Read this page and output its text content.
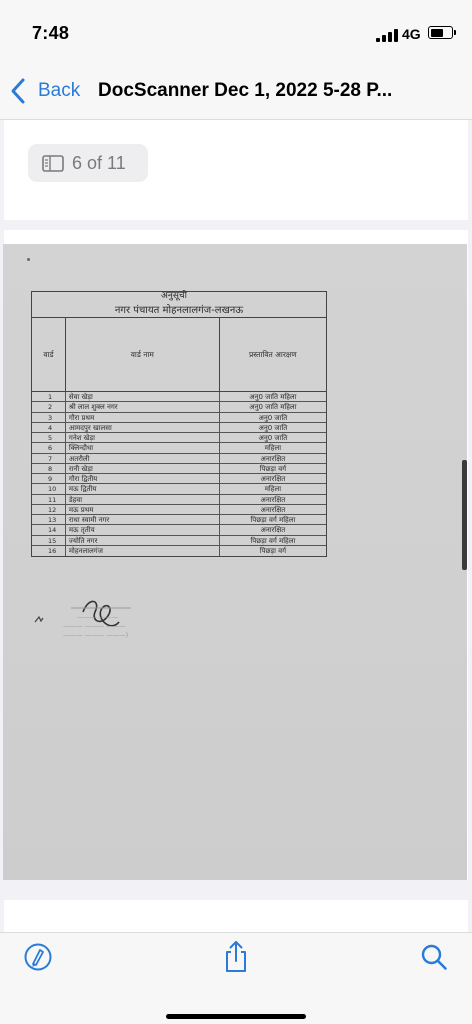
7:48	4G
Back DocScanner Dec 1, 2022 5-28 P...
6 of 11
अनुसूची
नगर पंचायत मोहनलालगंज-लखनऊ
वार्ड	वार्ड नाम	प्रस्तावित आरक्षण
1	सेवा खेड़ा	अनु0 जाति महिला
2	श्री लाल शुक्ल नगर	अनु0 जाति महिला
3	गौरा प्रथम	अनु0 जाति
4	आमदपुर खालसा	अनु0 जाति
5	गनेश खेड़ा	अनु0 जाति
6	क्लिन्दौधा	महिला
7	अतरौली	अनारक्षित
8	रानी खेड़ा	पिछड़ा वर्ग
9	गौरा द्वितीय	अनारक्षित
10	मऊ द्वितीय	महिला
11	डेहवा	अनारक्षित
12	मऊ प्रथम	अनारक्षित
13	राधा स्वामी नगर	पिछड़ा वर्ग महिला
14	मऊ तृतीय	अनारक्षित
15	ज्योति नगर	पिछड़ा वर्ग महिला
16	मोहनलालगंज	पिछड़ा वर्ग
——— ———
——— ——— ———
——— ——— ———)
